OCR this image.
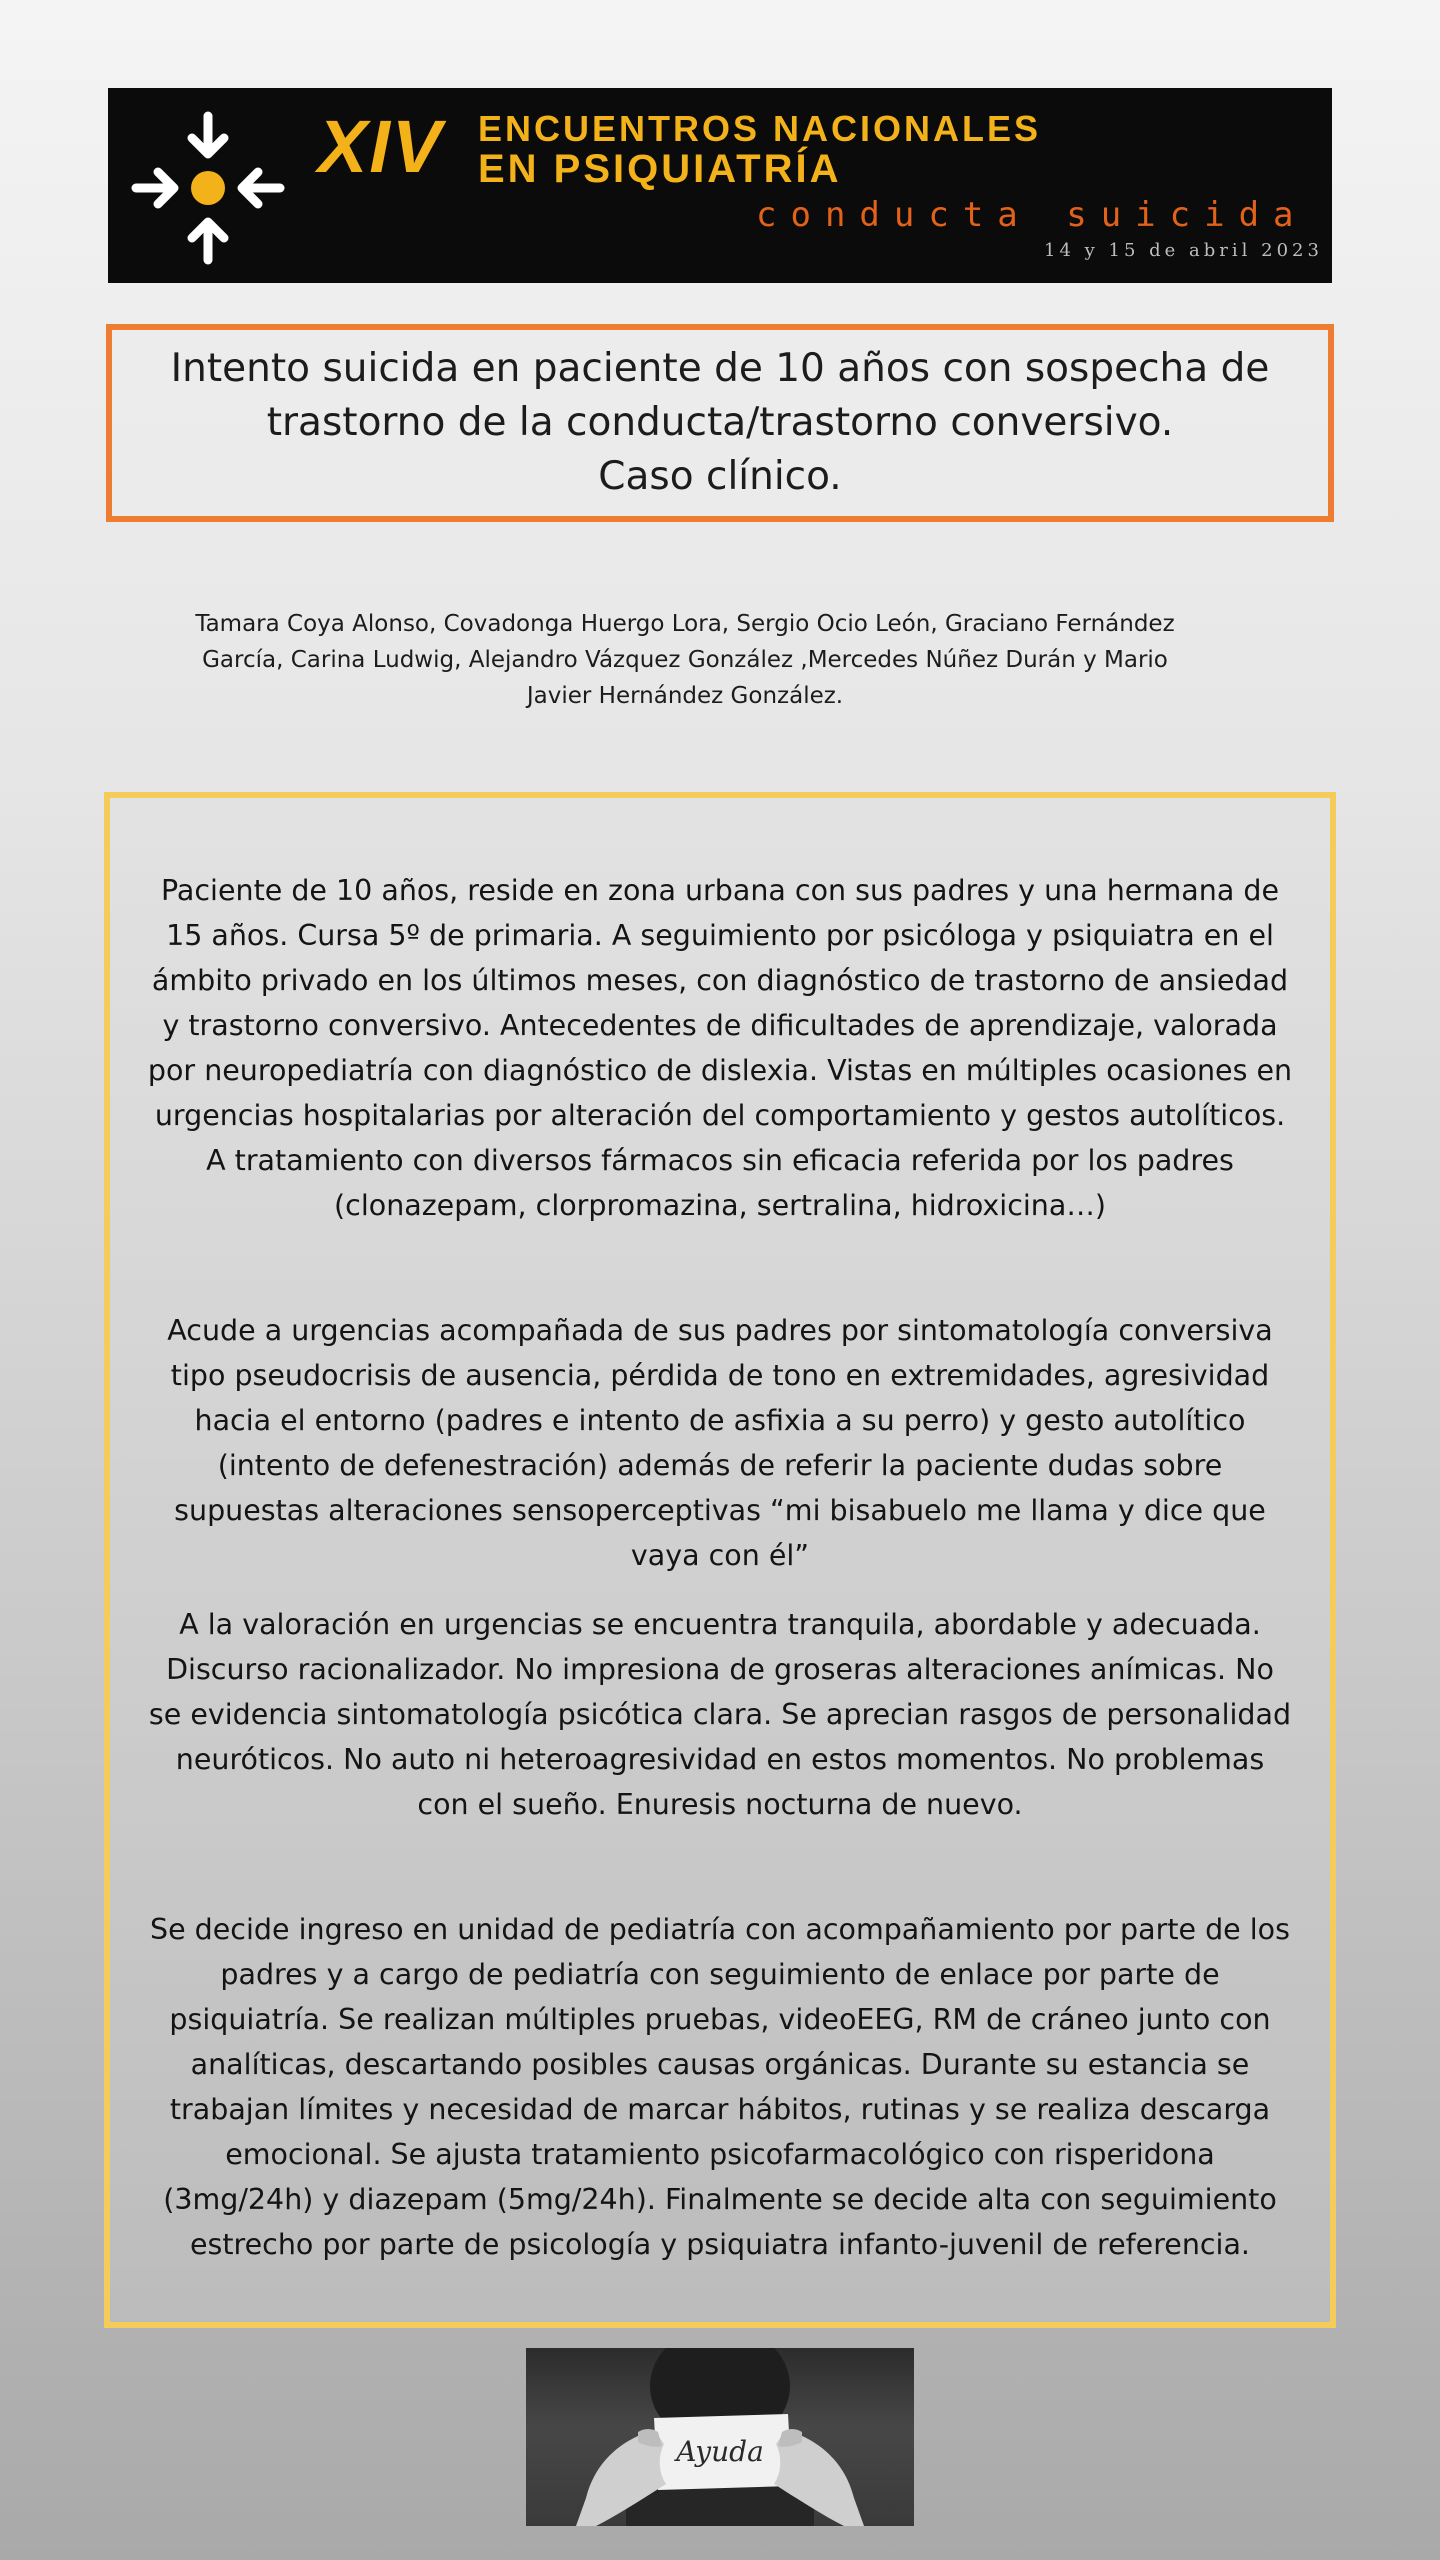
XIV ENCUENTROS NACIONALES
EN PSIQUIATRÍA
conducta suicida
14 y 15 de abril 2023
Intento suicida en paciente de 10 años con sospecha de
trastorno de la conducta/trastorno conversivo.
Caso clínico.

Tamara Coya Alonso, Covadonga Huergo Lora, Sergio Ocio León, Graciano Fernández
García, Carina Ludwig, Alejandro Vázquez González ,Mercedes Núñez Durán y Mario
Javier Hernández González.

Paciente de 10 años, reside en zona urbana con sus padres y una hermana de
15 años. Cursa 5º de primaria. A seguimiento por psicóloga y psiquiatra en el
ámbito privado en los últimos meses, con diagnóstico de trastorno de ansiedad
y trastorno conversivo. Antecedentes de dificultades de aprendizaje, valorada
por neuropediatría con diagnóstico de dislexia. Vistas en múltiples ocasiones en
urgencias hospitalarias por alteración del comportamiento y gestos autolíticos.
A tratamiento con diversos fármacos sin eficacia referida por los padres
(clonazepam, clorpromazina, sertralina, hidroxicina…)

Acude a urgencias acompañada de sus padres por sintomatología conversiva
tipo pseudocrisis de ausencia, pérdida de tono en extremidades, agresividad
hacia el entorno (padres e intento de asfixia a su perro) y gesto autolítico
(intento de defenestración) además de referir la paciente dudas sobre
supuestas alteraciones sensoperceptivas “mi bisabuelo me llama y dice que
vaya con él”

A la valoración en urgencias se encuentra tranquila, abordable y adecuada.
Discurso racionalizador. No impresiona de groseras alteraciones anímicas. No
se evidencia sintomatología psicótica clara. Se aprecian rasgos de personalidad
neuróticos. No auto ni heteroagresividad en estos momentos. No problemas
con el sueño. Enuresis nocturna de nuevo.

Se decide ingreso en unidad de pediatría con acompañamiento por parte de los
padres y a cargo de pediatría con seguimiento de enlace por parte de
psiquiatría. Se realizan múltiples pruebas, videoEEG, RM de cráneo junto con
analíticas, descartando posibles causas orgánicas. Durante su estancia se
trabajan límites y necesidad de marcar hábitos, rutinas y se realiza descarga
emocional. Se ajusta tratamiento psicofarmacológico con risperidona
(3mg/24h) y diazepam (5mg/24h). Finalmente se decide alta con seguimiento
estrecho por parte de psicología y psiquiatra infanto-juvenil de referencia.

Ayuda
